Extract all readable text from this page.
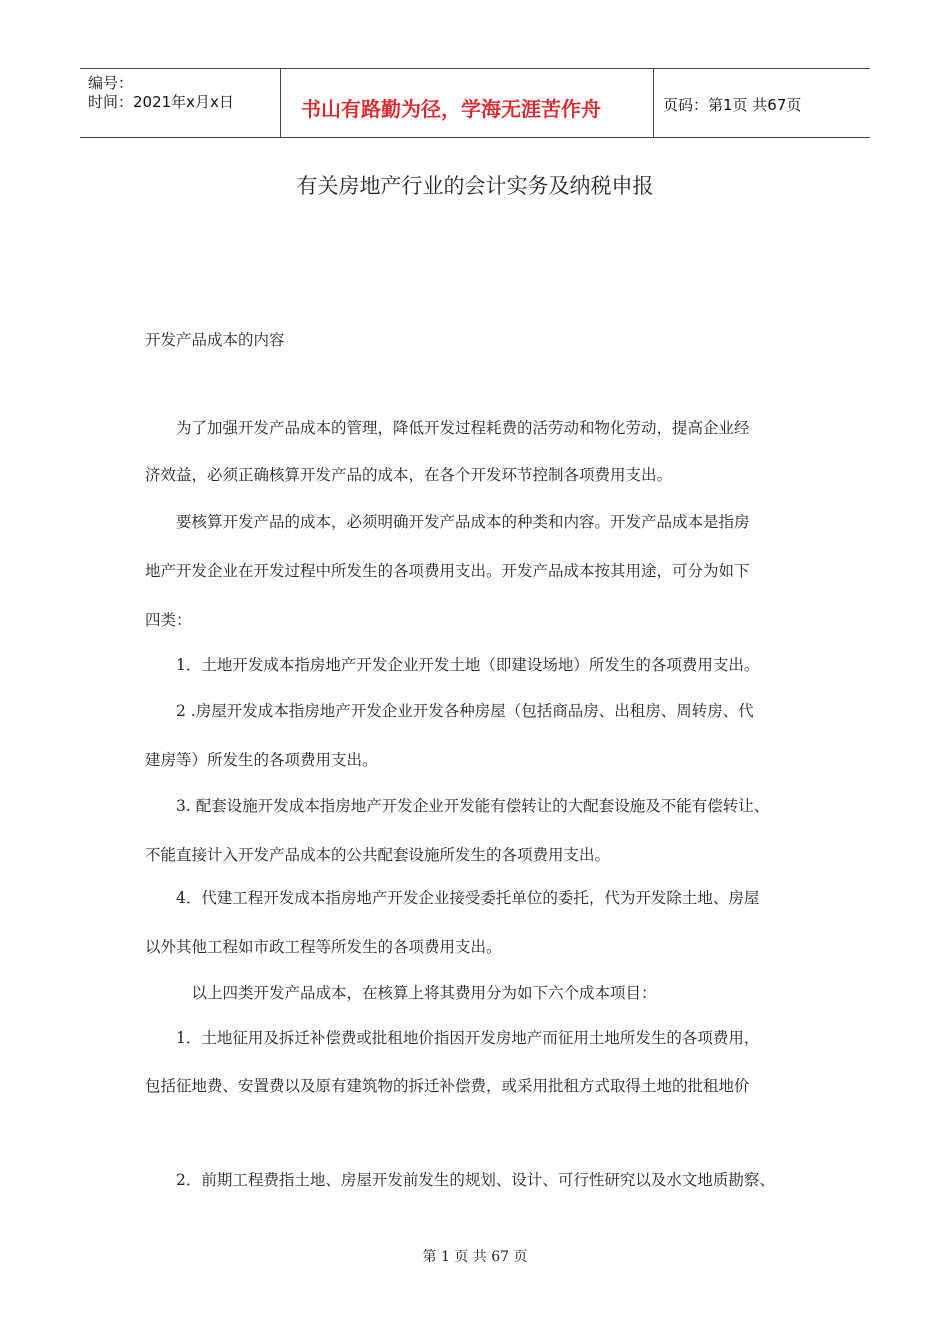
编号：
时间：2021年x月x日	书山有路勤为径，学海无涯苦作舟	页码：第1页 共67页
有关房地产行业的会计实务及纳税申报
开发产品成本的内容
　　为了加强开发产品成本的管理，降低开发过程耗费的活劳动和物化劳动，提高企业经
济效益，必须正确核算开发产品的成本，在各个开发环节控制各项费用支出。
　　要核算开发产品的成本，必须明确开发产品成本的种类和内容。开发产品成本是指房
地产开发企业在开发过程中所发生的各项费用支出。开发产品成本按其用途，可分为如下
四类：
　　1．土地开发成本指房地产开发企业开发土地（即建设场地）所发生的各项费用支出。
　　2 .房屋开发成本指房地产开发企业开发各种房屋（包括商品房、出租房、周转房、代
建房等）所发生的各项费用支出。
　　3. 配套设施开发成本指房地产开发企业开发能有偿转让的大配套设施及不能有偿转让、
不能直接计入开发产品成本的公共配套设施所发生的各项费用支出。
　　4．代建工程开发成本指房地产开发企业接受委托单位的委托，代为开发除土地、房屋
以外其他工程如市政工程等所发生的各项费用支出。
　　　以上四类开发产品成本，在核算上将其费用分为如下六个成本项目：
　　1．土地征用及拆迁补偿费或批租地价指因开发房地产而征用土地所发生的各项费用，
包括征地费、安置费以及原有建筑物的拆迁补偿费，或采用批租方式取得土地的批租地价
　　2．前期工程费指土地、房屋开发前发生的规划、设计、可行性研究以及水文地质勘察、
第 1 页 共 67 页
